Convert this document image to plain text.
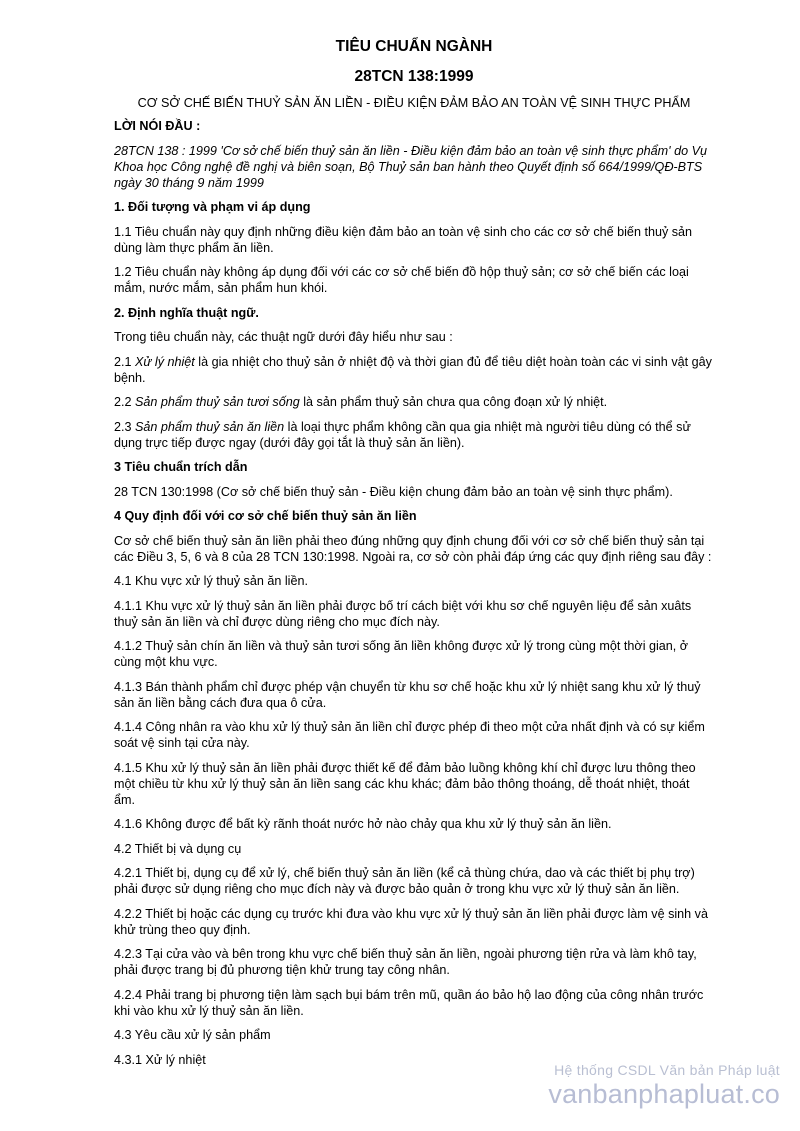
TIÊU CHUẨN NGÀNH
28TCN 138:1999
CƠ SỞ CHẾ BIẾN THUỶ SẢN ĂN LIỀN - ĐIỀU KIỆN ĐẢM BẢO AN TOÀN VỆ SINH THỰC PHẨM

LỜI NÓI ĐẦU :

28TCN 138 : 1999 'Cơ sở chế biến thuỷ sản ăn liền - Điều kiện đảm bảo an toàn vệ sinh thực phẩm' do Vụ Khoa học Công nghệ đề nghị và biên soạn, Bộ Thuỷ sản ban hành theo Quyết định số 664/1999/QĐ-BTS ngày 30 tháng 9 năm 1999

1. Đối tượng và phạm vi áp dụng

1.1 Tiêu chuẩn này quy định những điều kiện đảm bảo an toàn vệ sinh cho các cơ sở chế biến thuỷ sản dùng làm thực phẩm ăn liền.

1.2 Tiêu chuẩn này không áp dụng đối với các cơ sở chế biến đồ hộp thuỷ sản; cơ sở chế biến các loại mắm, nước mắm, sản phẩm hun khói.

2. Định nghĩa thuật ngữ.

Trong tiêu chuẩn này, các thuật ngữ dưới đây hiểu như sau :

2.1 Xử lý nhiệt là gia nhiệt cho thuỷ sản ở nhiệt độ và thời gian đủ để tiêu diệt hoàn toàn các vi sinh vật gây bệnh.

2.2 Sản phẩm thuỷ sản tươi sống là sản phẩm thuỷ sản chưa qua công đoạn xử lý nhiệt.

2.3 Sản phẩm thuỷ sản ăn liền là loại thực phẩm không cần qua gia nhiệt mà người tiêu dùng có thể sử dụng trực tiếp được ngay (dưới đây gọi tắt là thuỷ sản ăn liền).

3 Tiêu chuẩn trích dẫn

28 TCN 130:1998 (Cơ sở chế biến thuỷ sản - Điều kiện chung đảm bảo an toàn vệ sinh thực phẩm).

4 Quy định đối với cơ sở chế biến thuỷ sản ăn liền

Cơ sở chế biến thuỷ sản ăn liền phải theo đúng những quy định chung đối với cơ sở chế biến thuỷ sản tại các Điều 3, 5, 6 và 8 của 28 TCN 130:1998. Ngoài ra, cơ sở còn phải đáp ứng các quy định riêng sau đây :

4.1 Khu vực xử lý thuỷ sản ăn liền.

4.1.1 Khu vực xử lý thuỷ sản ăn liền phải được bố trí cách biệt với khu sơ chế nguyên liệu để sản xuâts thuỷ sản ăn liền và chỉ được dùng riêng cho mục đích này.

4.1.2 Thuỷ sản chín ăn liền và thuỷ sản tươi sống ăn liền không được xử lý trong cùng một thời gian, ở cùng một khu vực.

4.1.3 Bán thành phẩm chỉ được phép vận chuyển từ khu sơ chế hoặc khu xử lý nhiệt sang khu xử lý thuỷ sản ăn liền bằng cách đưa qua ô cửa.

4.1.4 Công nhân ra vào khu xử lý thuỷ sản ăn liền chỉ được phép đi theo một cửa nhất định và có sự kiểm soát vệ sinh tại cửa này.

4.1.5 Khu xử lý thuỷ sản ăn liền phải được thiết kế để đảm bảo luồng không khí chỉ được lưu thông theo một chiều từ khu xử lý thuỷ sản ăn liền sang các khu khác; đảm bảo thông thoáng, dễ thoát nhiệt, thoát ẩm.

4.1.6 Không được để bất kỳ rãnh thoát nước hở nào chảy qua khu xử lý thuỷ sản ăn liền.

4.2 Thiết bị và dụng cụ

4.2.1 Thiết bị, dụng cụ để xử lý, chế biến thuỷ sản ăn liền (kể cả thùng chứa, dao và các thiết bị phụ trợ) phải được sử dụng riêng cho mục đích này và được bảo quản ở trong khu vực xử lý thuỷ sản ăn liền.

4.2.2 Thiết bị hoặc các dụng cụ trước khi đưa vào khu vực xử lý thuỷ sản ăn liền phải được làm vệ sinh và khử trùng theo quy định.

4.2.3 Tại cửa vào và bên trong khu vực chế biến thuỷ sản ăn liền, ngoài phương tiện rửa và làm khô tay, phải được trang bị đủ phương tiện khử trung tay công nhân.

4.2.4 Phải trang bị phương tiện làm sạch bụi bám trên mũ, quần áo bảo hộ lao động của công nhân trước khi vào khu xử lý thuỷ sản ăn liền.

4.3 Yêu cầu xử lý sản phẩm

4.3.1 Xử lý nhiệt

Hệ thống CSDL Văn bản Pháp luật
vanbanphapluat.co
